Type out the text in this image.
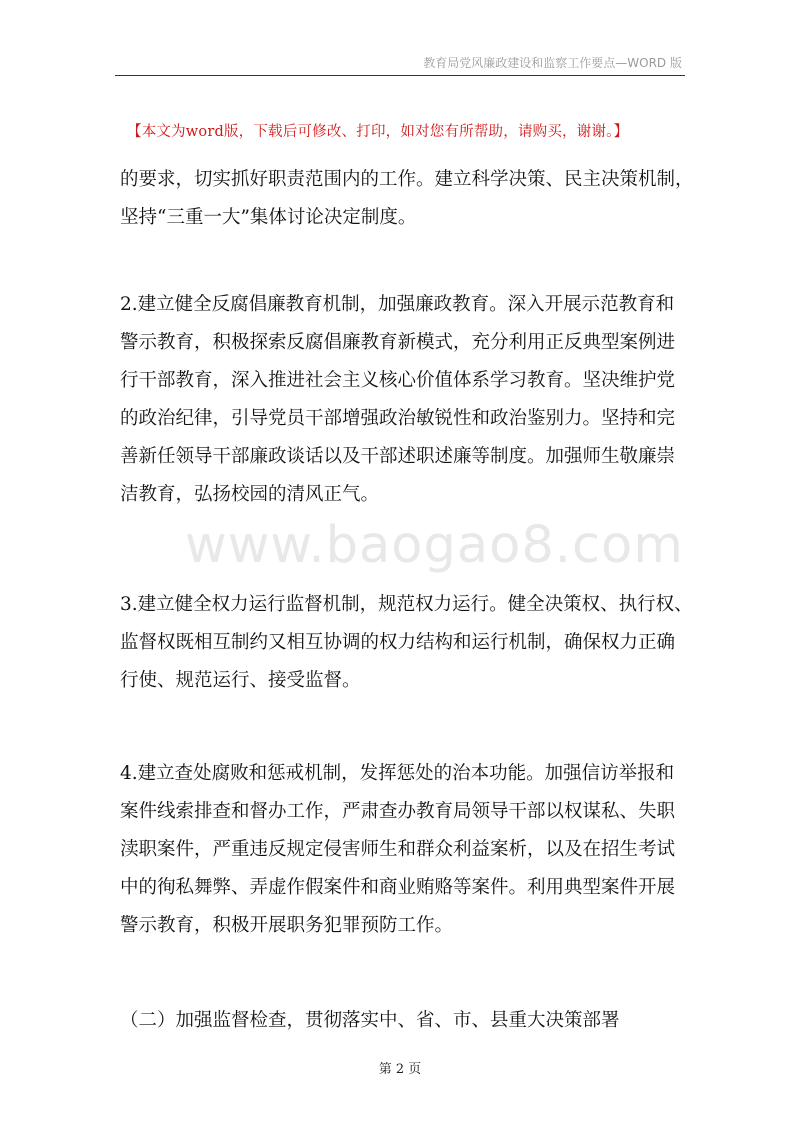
教育局党风廉政建设和监察工作要点—WORD 版
【本文为word版，下载后可修改、打印，如对您有所帮助，请购买，谢谢。】
www.baogao8.com

的要求，切实抓好职责范围内的工作。建立科学决策、民主决策机制，
坚持“三重一大”集体讨论决定制度。

2.建立健全反腐倡廉教育机制，加强廉政教育。深入开展示范教育和
警示教育，积极探索反腐倡廉教育新模式，充分利用正反典型案例进
行干部教育，深入推进社会主义核心价值体系学习教育。坚决维护党
的政治纪律，引导党员干部增强政治敏锐性和政治鉴别力。坚持和完
善新任领导干部廉政谈话以及干部述职述廉等制度。加强师生敬廉崇
洁教育，弘扬校园的清风正气。

3.建立健全权力运行监督机制，规范权力运行。健全决策权、执行权、
监督权既相互制约又相互协调的权力结构和运行机制，确保权力正确
行使、规范运行、接受监督。

4.建立查处腐败和惩戒机制，发挥惩处的治本功能。加强信访举报和
案件线索排查和督办工作，严肃查办教育局领导干部以权谋私、失职
渎职案件，严重违反规定侵害师生和群众利益案析，以及在招生考试
中的徇私舞弊、弄虚作假案件和商业贿赂等案件。利用典型案件开展
警示教育，积极开展职务犯罪预防工作。

（二）加强监督检查，贯彻落实中、省、市、县重大决策部署

第 2 页
